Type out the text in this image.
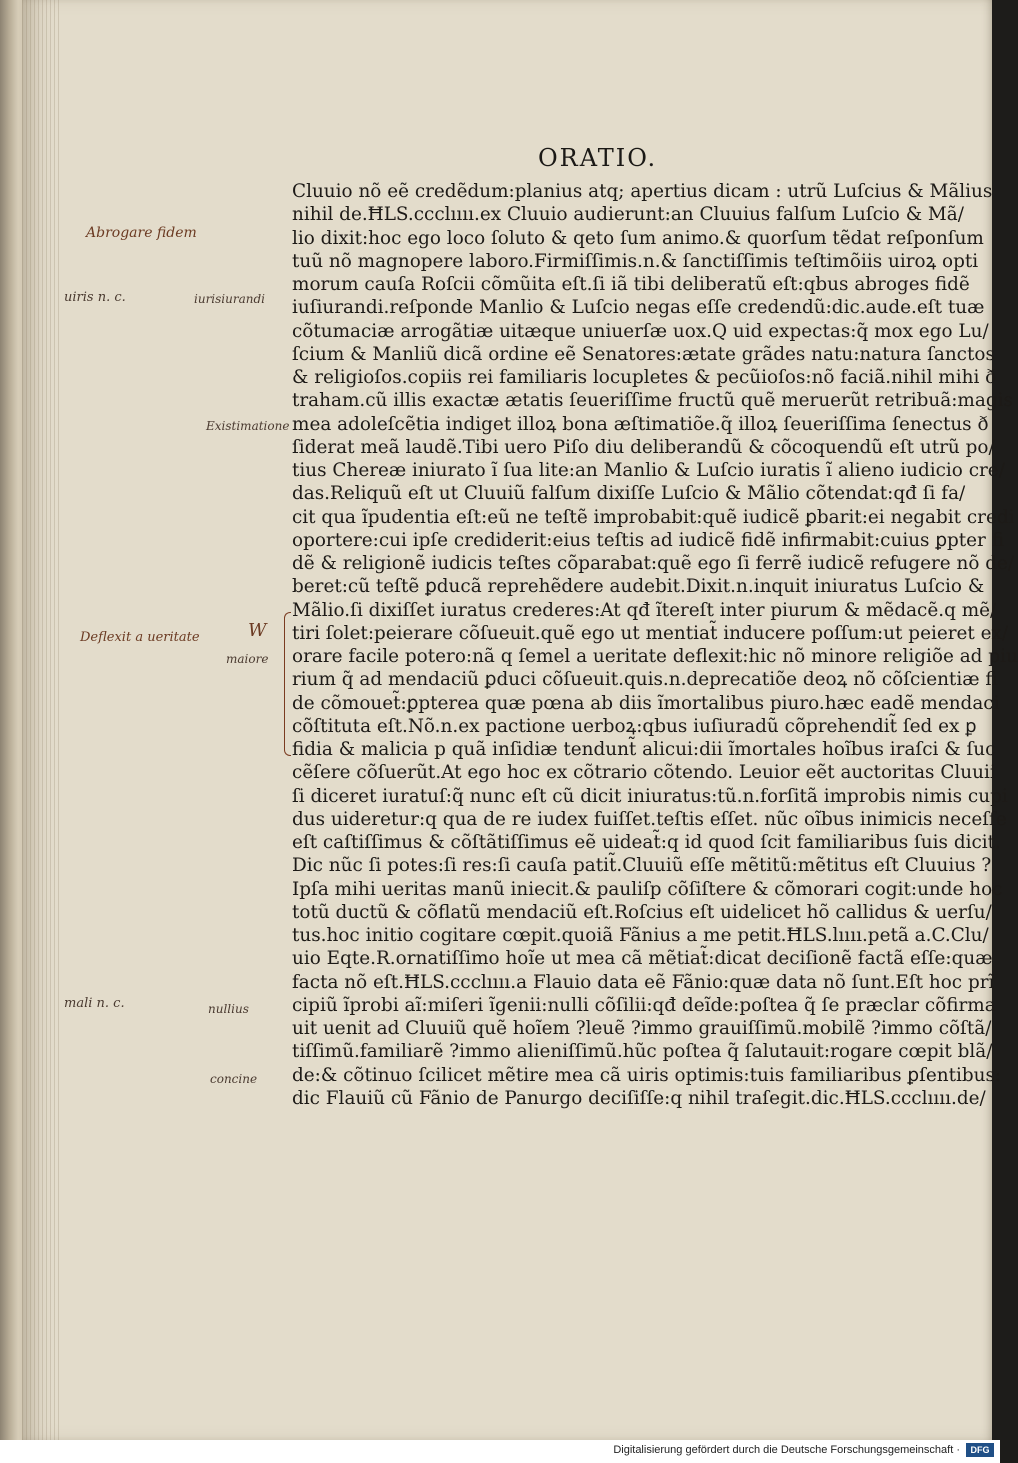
ORATIO.
Cluuio nõ eẽ credẽdum:planius atq; apertius dicam : utrũ Luſcius & Mãlius
nihil de.ĦLS.ccclıııı.ex Cluuio audierunt:an Cluuius falſum Luſcio & Mã/
lio dixit:hoc ego loco ſoluto & qeto ſum animo.& quorſum tẽdat reſponſum
tuũ nõ magnopere laboro.Firmiſſimis.n.& ſanctiſſimis teſtimõiis uiroꝝ opti
morum cauſa Roſcii cõmũita eſt.ſi iã tibi deliberatũ eſt:qbus abroges fidẽ
iuſiurandi.reſponde Manlio & Luſcio negas eſſe credendũ:dic.aude.eſt tuæ
cõtumaciæ arrogãtiæ uitæque uniuerſæ uox.Q uid expectas:q̃ mox ego Lu/
ſcium & Manliũ dicã ordine eẽ Senatores:ætate grãdes natu:natura ſanctos
& religioſos.copiis rei familiaris locupletes & pecũioſos:nõ faciã.nihil mihi ð
traham.cũ illis exactæ ætatis ſeueriſſime fructũ quẽ meruerũt retribuã:magis
mea adoleſcẽtia indiget illoꝝ bona æſtimatiõe.q̃ illoꝝ ſeueriſſima ſenectus ð
ſiderat meã laudẽ.Tibi uero Piſo diu deliberandũ & cõcoquendũ eſt utrũ po/
tius Chereæ iniurato ĩ ſua lite:an Manlio & Luſcio iuratis ĩ alieno iudicio cre/
das.Reliquũ eſt ut Cluuiũ falſum dixiſſe Luſcio & Mãlio cõtendat:qđ ſi fa/
cit qua ĩpudentia eſt:eũ ne teſtẽ improbabit:quẽ iudicẽ ꝑbarit:ei negabit credi
oportere:cui ipſe crediderit:eius teſtis ad iudicẽ fidẽ infirmabit:cuius ꝑpter fi
dẽ & religionẽ iudicis teſtes cõparabat:quẽ ego ſi ferrẽ iudicẽ refugere nõ de/
beret:cũ teſtẽ ꝑducã reprehẽdere audebit.Dixit.n.inquit iniuratus Luſcio &
Mãlio.ſi dixiſſet iuratus crederes:At qđ ĩtereſt inter piurum & mẽdacẽ.q mẽ/
tiri ſolet:peierare cõſueuit.quẽ ego ut mentiat̃ inducere poſſum:ut peieret ex/
orare facile potero:nã q ſemel a ueritate deflexit:hic nõ minore religiõe ad piu
rium q̃ ad mendaciũ ꝑduci cõſueuit.quis.n.deprecatiõe deoꝝ nõ cõſcientiæ fi
de cõmouet̃:ꝑpterea quæ pœna ab diis ĩmortalibus piuro.hæc eadẽ mendaci
cõſtituta eſt.Nõ.n.ex pactione uerboꝝ:qbus iuſiuradũ cõprehendit̃ ſed ex ꝑ
fidia & malicia p quã inſidiæ tendunt̃ alicui:dii ĩmortales hoĩbus iraſci & ſuc
cẽſere cõſuerũt.At ego hoc ex cõtrario cõtendo. Leuior eẽt auctoritas Cluuii
ſi diceret iuratuſ:q̃ nunc eſt cũ dicit iniuratus:tũ.n.forſitã improbis nimis cupi
dus uideretur:q qua de re iudex fuiſſet.teſtis eſſet. nũc oĩbus inimicis neceſſe
eſt caſtiſſimus & cõſtãtiſſimus eẽ uideat̃:q id quod ſcit familiaribus ſuis dicit.
Dic nũc ſi potes:ſi res:ſi cauſa patit̃.Cluuiũ eſſe mẽtitũ:mẽtitus eſt Cluuius ?
Ipſa mihi ueritas manũ iniecit.& pauliſp cõſiſtere & cõmorari cogit:unde hoc
totũ ductũ & cõflatũ mendaciũ eſt.Roſcius eſt uidelicet hõ callidus & uerſu/
tus.hoc initio cogitare cœpit.quoiã Fãnius a me petit.ĦLS.lıııı.petã a.C.Clu/
uio Eqte.R.ornatiſſimo hoĩe ut mea cã mẽtiat̃:dicat deciſionẽ factã eſſe:quæ
facta nõ eſt.ĦLS.ccclıııı.a Flauio data eẽ Fãnio:quæ data nõ ſunt.Eſt hoc prĩ
cipiũ ĩprobi aĩ:miſeri ĩgenii:nulli cõſilii:qđ deĩde:poſtea q̃ ſe præclar cõfirma
uit uenit ad Cluuiũ quẽ hoĩem ?leuẽ ?immo grauiſſimũ.mobilẽ ?immo cõſtã/
tiſſimũ.familiarẽ ?immo alieniſſimũ.hũc poſtea q̃ ſalutauit:rogare cœpit blã/
de:& cõtinuo ſcilicet mẽtire mea cã uiris optimis:tuis familiaribus ꝑſentibus:
dic Flauiũ cũ Fãnio de Panurgo deciſiſſe:q nihil traſegit.dic.ĦLS.ccclıııı.de/
Abrogare fidem
uiris n. c.	iurisiurandi
Existimatione
Deflexit a ueritate	W
maiore
mali n. c.	nullius
concine
Digitalisierung gefördert durch die Deutsche Forschungsgemeinschaft ·	DFG
